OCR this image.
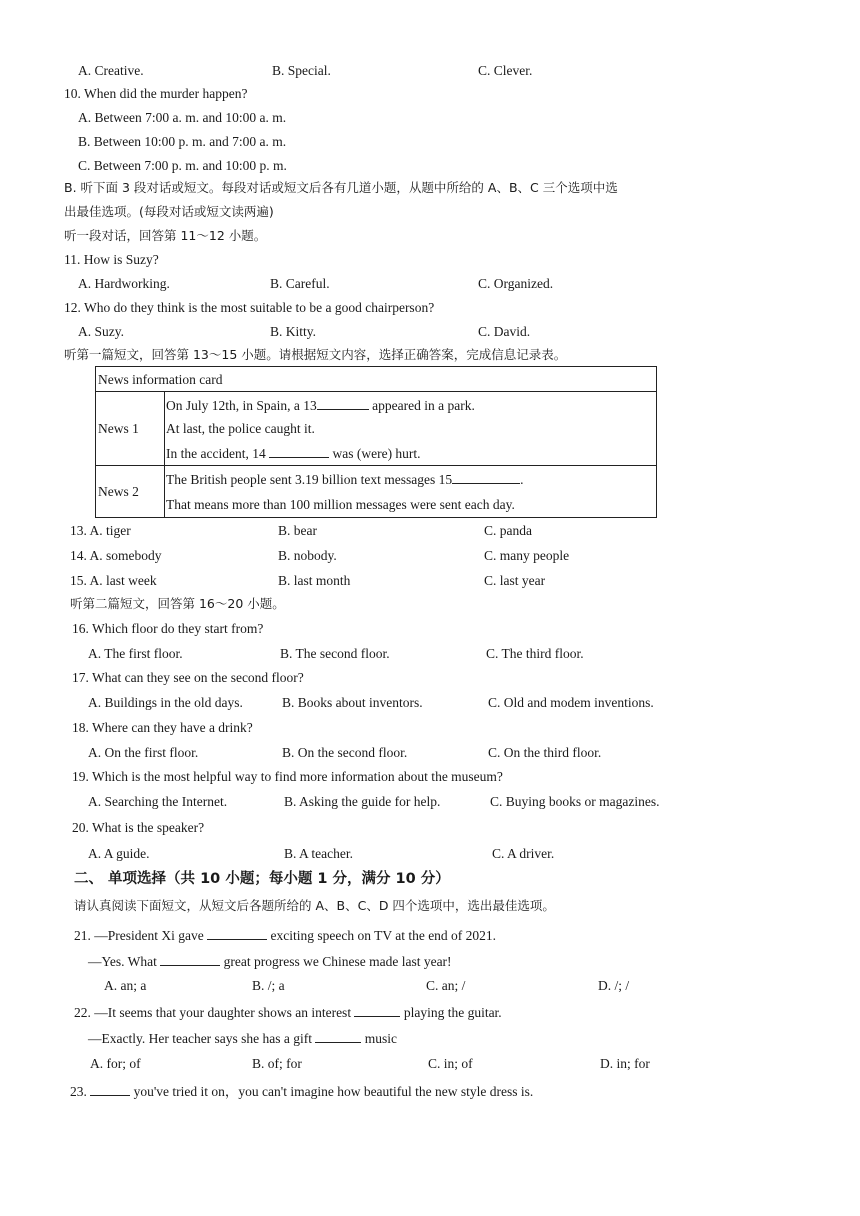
A. Creative.	B. Special.	C. Clever.
10. When did the murder happen?
A. Between 7:00 a. m. and 10:00 a. m.
B. Between 10:00 p. m. and 7:00 a. m.
C. Between 7:00 p. m. and 10:00 p. m.
B. 听下面 3 段对话或短文。每段对话或短文后各有几道小题，从题中所给的 A、B、C 三个选项中选
出最佳选项。(每段对话或短文读两遍)
听一段对话，回答第 11～12 小题。
11. How is Suzy?
A. Hardworking.	B. Careful.	C. Organized.
12. Who do they think is the most suitable to be a good chairperson?
A. Suzy.	B. Kitty.	C. David.
听第一篇短文，回答第 13～15 小题。请根据短文内容，选择正确答案，完成信息记录表。
News information card
News 1
On July 12th, in Spain, a 13	appeared in a park.
At last, the police caught it.
In the accident, 14	was (were) hurt.
News 2
The British people sent 3.19 billion text messages 15	.
That means more than 100 million messages were sent each day.
13. A. tiger	B. bear	C. panda
14. A. somebody	B. nobody.	C. many people
15. A. last week	B. last month	C. last year
听第二篇短文，回答第 16～20 小题。
16. Which floor do they start from?
A. The first floor.	B. The second floor.	C. The third floor.
17. What can they see on the second floor?
A. Buildings in the old days.	B. Books about inventors.	C. Old and modem inventions.
18. Where can they have a drink?
A. On the first floor.	B. On the second floor.	C. On the third floor.
19. Which is the most helpful way to find more information about the museum?
A. Searching the Internet.	B. Asking the guide for help.	C. Buying books or magazines.
20. What is the speaker?
A. A guide.	B. A teacher.	C. A driver.
二、 单项选择（共 10 小题；每小题 1 分，满分 10 分）
请认真阅读下面短文，从短文后各题所给的 A、B、C、D 四个选项中，选出最佳选项。
21. —President Xi gave	exciting speech on TV at the end of 2021.
—Yes. What	great progress we Chinese made last year!
A. an; a	B. /; a	C. an; /	D. /; /
22. —It seems that your daughter shows an interest	playing the guitar.
—Exactly. Her teacher says she has a gift	music
A. for; of	B. of; for	C. in; of	D. in; for
23.	you've tried it on，you can't imagine how beautiful the new style dress is.
